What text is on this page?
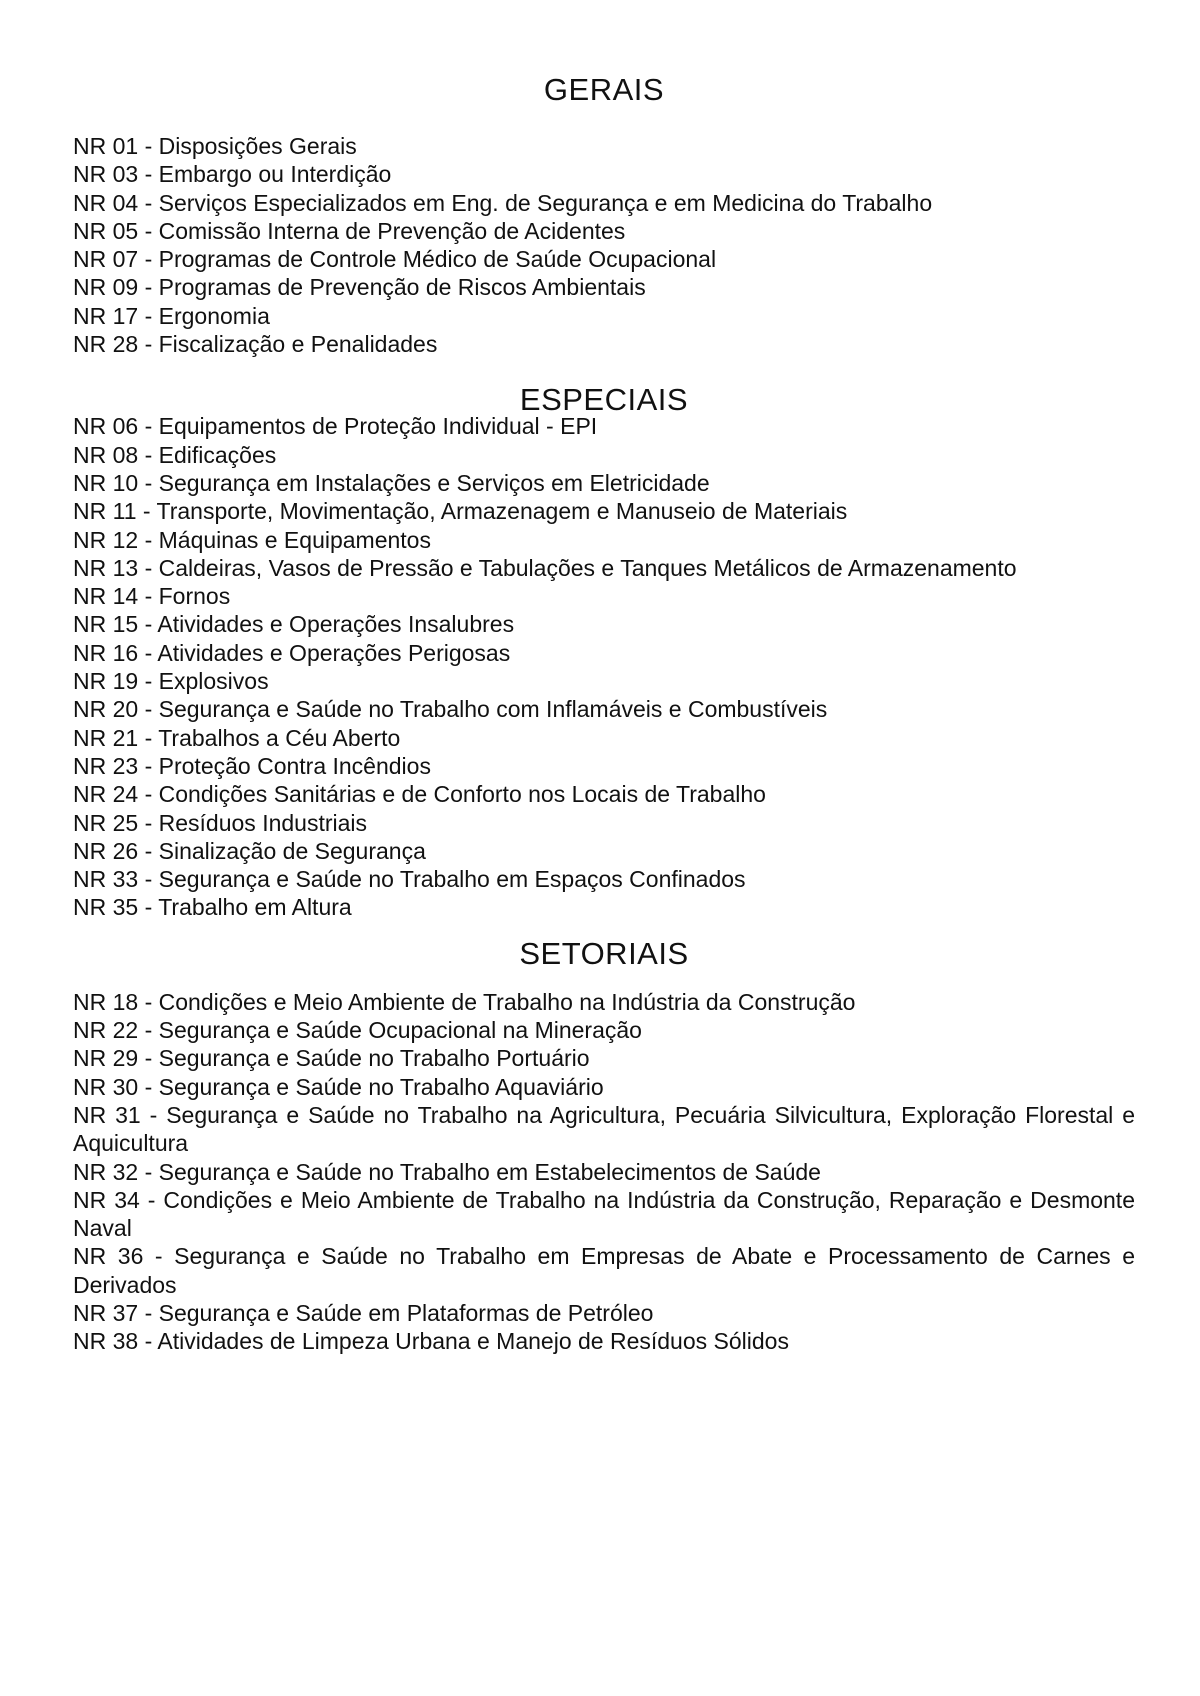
GERAIS
NR 01 - Disposições Gerais
NR 03 - Embargo ou Interdição
NR 04 - Serviços Especializados em Eng. de Segurança e em Medicina do Trabalho
NR 05 - Comissão Interna de Prevenção de Acidentes
NR 07 - Programas de Controle Médico de Saúde Ocupacional
NR 09 - Programas de Prevenção de Riscos Ambientais
NR 17 - Ergonomia
NR 28 - Fiscalização e Penalidades
ESPECIAIS
NR 06 - Equipamentos de Proteção Individual - EPI
NR 08 - Edificações
NR 10 - Segurança em Instalações e Serviços em Eletricidade
NR 11 - Transporte, Movimentação, Armazenagem e Manuseio de Materiais
NR 12 - Máquinas e Equipamentos
NR 13 - Caldeiras, Vasos de Pressão e Tabulações e Tanques Metálicos de Armazenamento
NR 14 - Fornos
NR 15 - Atividades e Operações Insalubres
NR 16 - Atividades e Operações Perigosas
NR 19 - Explosivos
NR 20 - Segurança e Saúde no Trabalho com Inflamáveis e Combustíveis
NR 21 - Trabalhos a Céu Aberto
NR 23 - Proteção Contra Incêndios
NR 24 - Condições Sanitárias e de Conforto nos Locais de Trabalho
NR 25 - Resíduos Industriais
NR 26 - Sinalização de Segurança
NR 33 - Segurança e Saúde no Trabalho em Espaços Confinados
NR 35 - Trabalho em Altura
SETORIAIS
NR 18 - Condições e Meio Ambiente de Trabalho na Indústria da Construção
NR 22 - Segurança e Saúde Ocupacional na Mineração
NR 29 - Segurança e Saúde no Trabalho Portuário
NR 30 - Segurança e Saúde no Trabalho Aquaviário
NR 31 - Segurança e Saúde no Trabalho na Agricultura, Pecuária Silvicultura, Exploração Florestal e Aquicultura
NR 32 - Segurança e Saúde no Trabalho em Estabelecimentos de Saúde
NR 34 - Condições e Meio Ambiente de Trabalho na Indústria da Construção, Reparação e Desmonte Naval
NR 36 - Segurança e Saúde no Trabalho em Empresas de Abate e Processamento de Carnes e Derivados
NR 37 - Segurança e Saúde em Plataformas de Petróleo
NR 38 - Atividades de Limpeza Urbana e Manejo de Resíduos Sólidos
